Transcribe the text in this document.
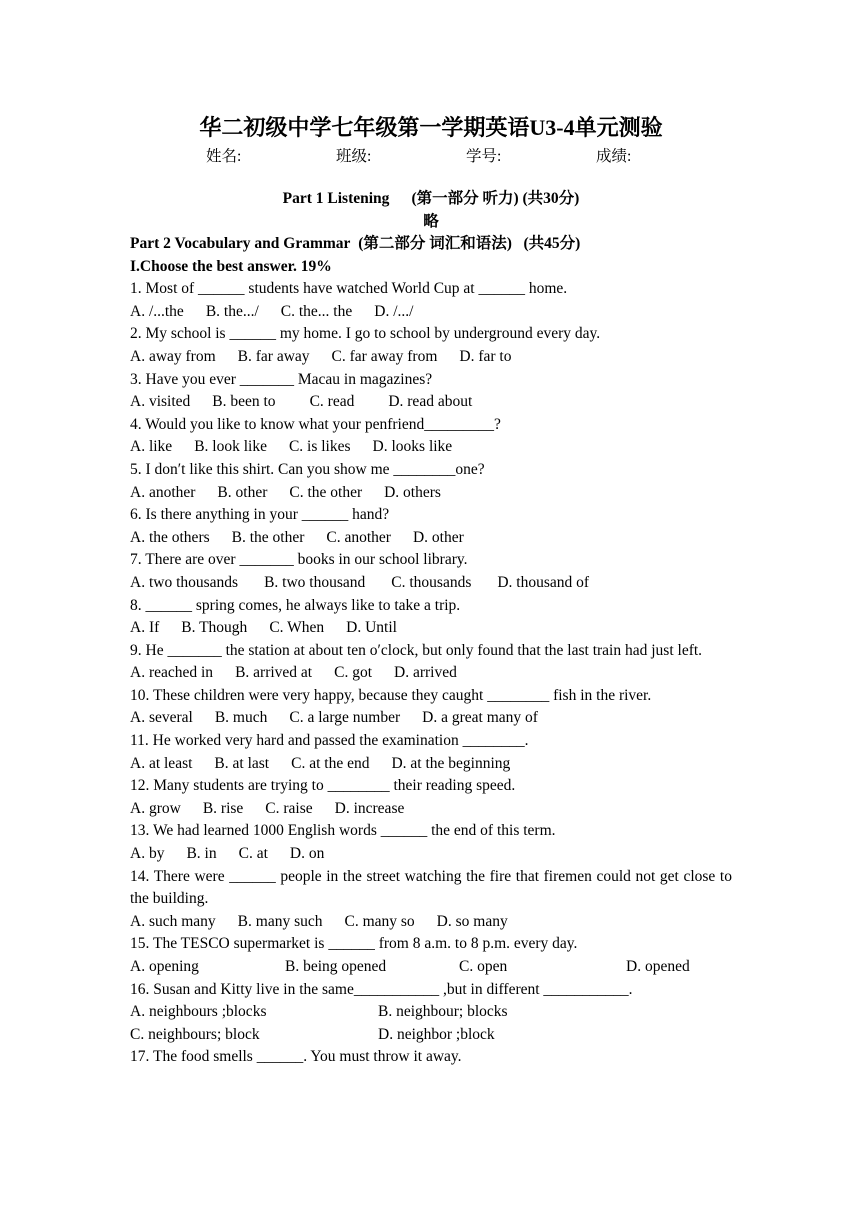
华二初级中学七年级第一学期英语U3-4单元测验
姓名:	班级:	学号:	成绩:
Part 1 Listening (第一部分 听力) (共30分)
略
Part 2 Vocabulary and Grammar (第二部分 词汇和语法) (共45分)
I.Choose the best answer. 19%
1. Most of ______ students have watched World Cup at ______ home.
A. /...the B. the.../ C. the... the D. /.../
2. My school is ______ my home. I go to school by underground every day.
A. away from B. far away C. far away from D. far to
3. Have you ever _______ Macau in magazines?
A. visited B. been to C. read D. read about
4. Would you like to know what your penfriend_________?
A. like B. look like C. is likes D. looks like
5. I don′t like this shirt. Can you show me ________one?
A. another B. other C. the other D. others
6. Is there anything in your ______ hand?
A. the others B. the other C. another D. other
7. There are over _______ books in our school library.
A. two thousands B. two thousand C. thousands D. thousand of
8. ______ spring comes, he always like to take a trip.
A. If B. Though C. When D. Until
9. He _______ the station at about ten o′clock, but only found that the last train had just left.
A. reached in B. arrived at C. got D. arrived
10. These children were very happy, because they caught ________ fish in the river.
A. several B. much C. a large number D. a great many of
11. He worked very hard and passed the examination ________.
A. at least B. at last C. at the end D. at the beginning
12. Many students are trying to ________ their reading speed.
A. grow B. rise C. raise D. increase
13. We had learned 1000 English words ______ the end of this term.
A. by B. in C. at D. on
14. There were ______ people in the street watching the fire that firemen could not get close to the building.
A. such many B. many such C. many so D. so many
15. The TESCO supermarket is ______ from 8 a.m. to 8 p.m. every day.
A. opening	B. being opened	C. open	D. opened
16. Susan and Kitty live in the same___________ ,but in different ___________.
A. neighbours ;blocks	B. neighbour; blocks
C. neighbours; block	D. neighbor ;block
17. The food smells ______. You must throw it away.
